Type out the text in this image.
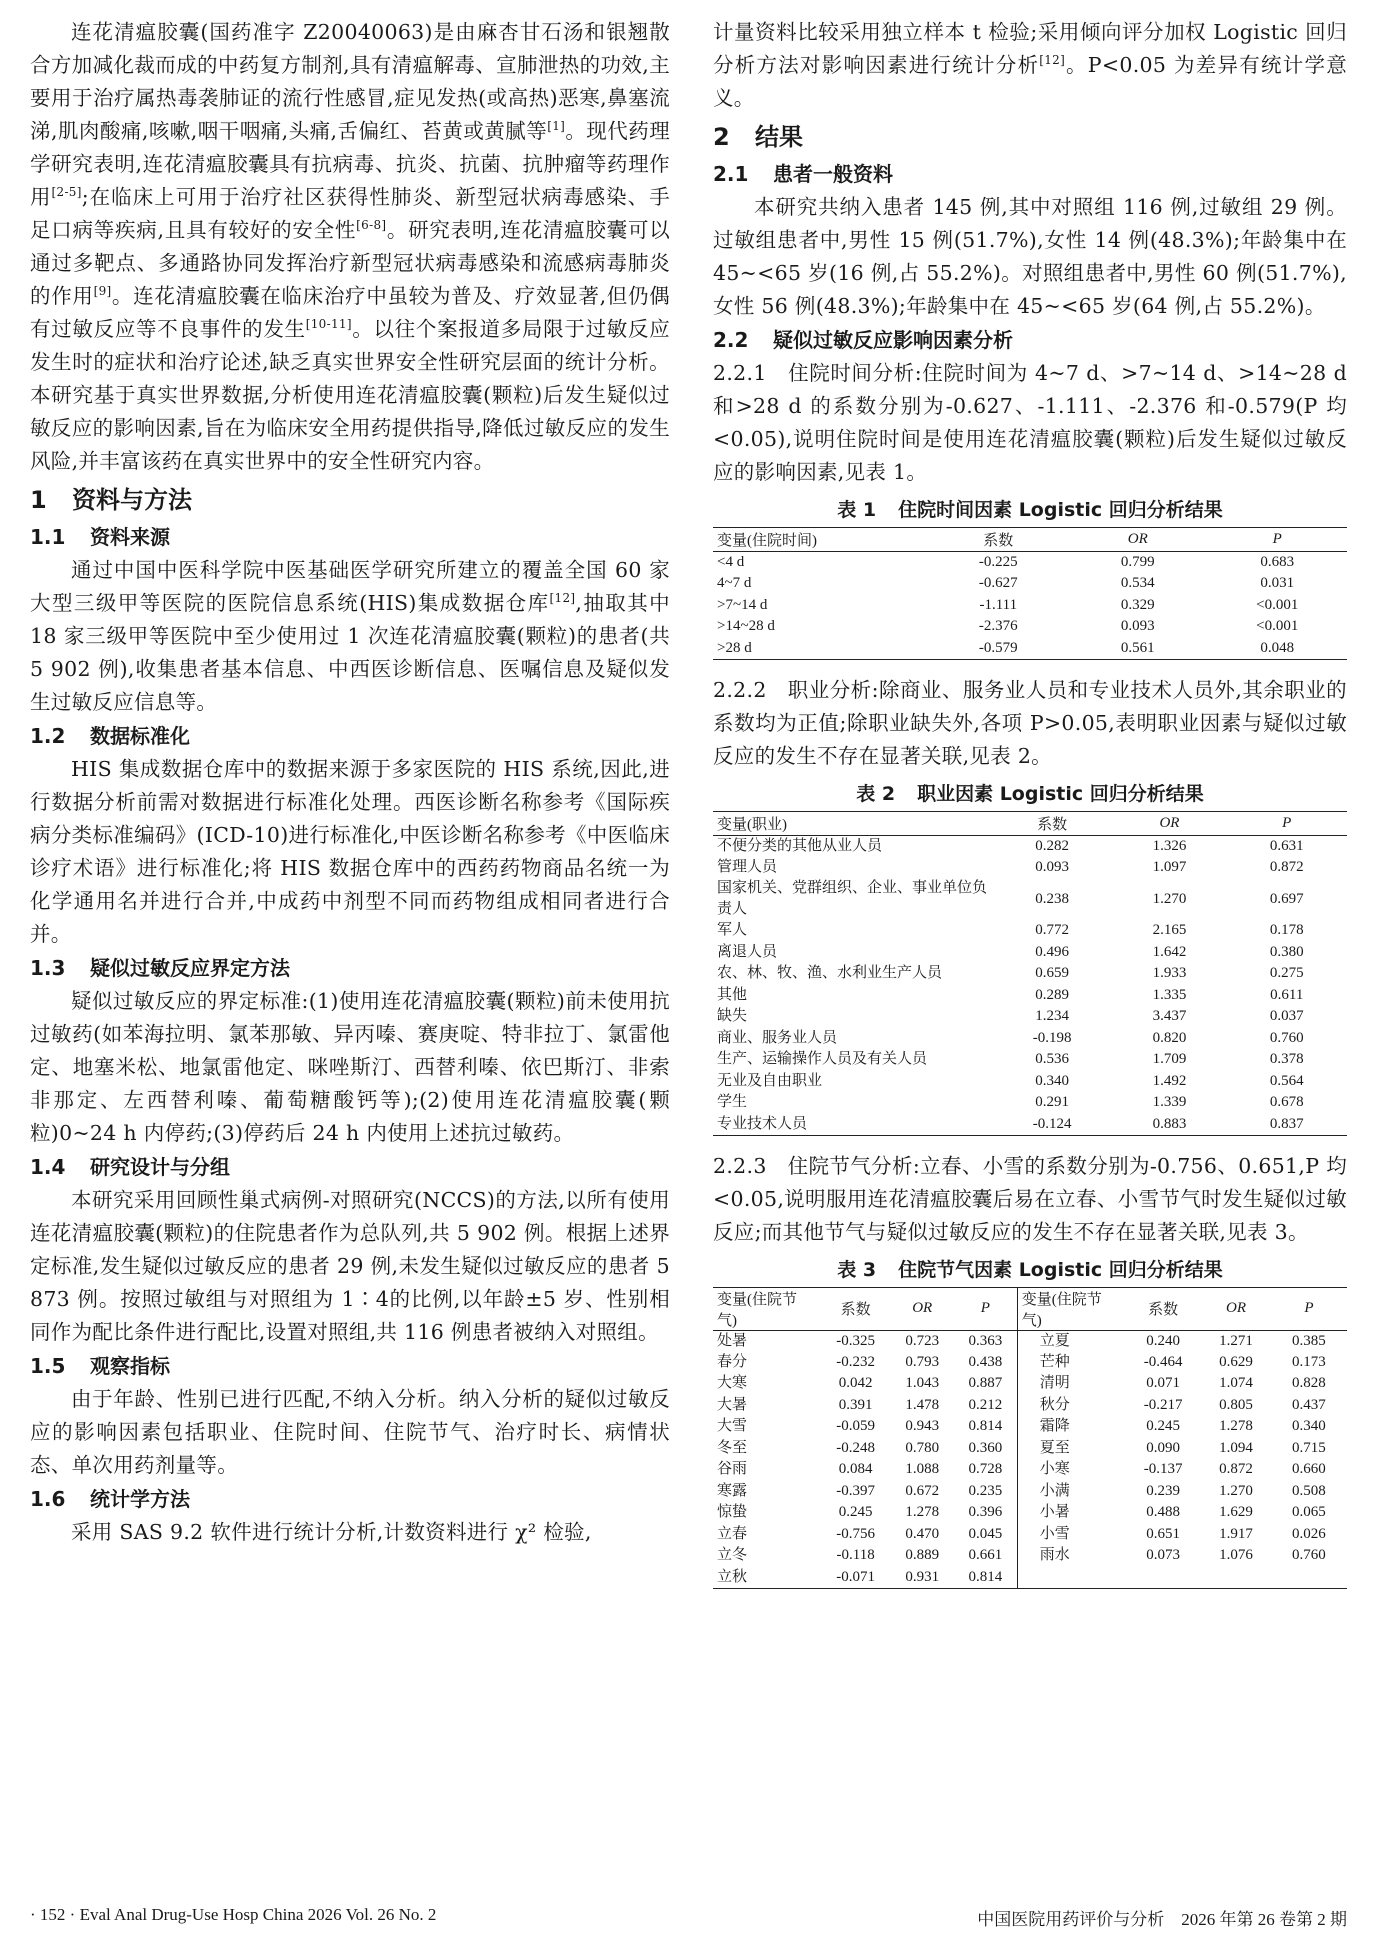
连花清瘟胶囊(国药准字 Z20040063)是由麻杏甘石汤和银翘散合方加减化裁而成的中药复方制剂,具有清瘟解毒、宣肺泄热的功效,主要用于治疗属热毒袭肺证的流行性感冒,症见发热(或高热)恶寒,鼻塞流涕,肌肉酸痛,咳嗽,咽干咽痛,头痛,舌偏红、苔黄或黄腻等[1]。现代药理学研究表明,连花清瘟胶囊具有抗病毒、抗炎、抗菌、抗肿瘤等药理作用[2-5];在临床上可用于治疗社区获得性肺炎、新型冠状病毒感染、手足口病等疾病,且具有较好的安全性[6-8]。研究表明,连花清瘟胶囊可以通过多靶点、多通路协同发挥治疗新型冠状病毒感染和流感病毒肺炎的作用[9]。连花清瘟胶囊在临床治疗中虽较为普及、疗效显著,但仍偶有过敏反应等不良事件的发生[10-11]。以往个案报道多局限于过敏反应发生时的症状和治疗论述,缺乏真实世界安全性研究层面的统计分析。本研究基于真实世界数据,分析使用连花清瘟胶囊(颗粒)后发生疑似过敏反应的影响因素,旨在为临床安全用药提供指导,降低过敏反应的发生风险,并丰富该药在真实世界中的安全性研究内容。

1 资料与方法
1.1 资料来源

通过中国中医科学院中医基础医学研究所建立的覆盖全国 60 家大型三级甲等医院的医院信息系统(HIS)集成数据仓库[12],抽取其中 18 家三级甲等医院中至少使用过 1 次连花清瘟胶囊(颗粒)的患者(共 5 902 例),收集患者基本信息、中西医诊断信息、医嘱信息及疑似发生过敏反应信息等。

1.2 数据标准化

HIS 集成数据仓库中的数据来源于多家医院的 HIS 系统,因此,进行数据分析前需对数据进行标准化处理。西医诊断名称参考《国际疾病分类标准编码》(ICD-10)进行标准化,中医诊断名称参考《中医临床诊疗术语》进行标准化;将 HIS 数据仓库中的西药药物商品名统一为化学通用名并进行合并,中成药中剂型不同而药物组成相同者进行合并。

1.3 疑似过敏反应界定方法

疑似过敏反应的界定标准:(1)使用连花清瘟胶囊(颗粒)前未使用抗过敏药(如苯海拉明、氯苯那敏、异丙嗪、赛庚啶、特非拉丁、氯雷他定、地塞米松、地氯雷他定、咪唑斯汀、西替利嗪、依巴斯汀、非索非那定、左西替利嗪、葡萄糖酸钙等);(2)使用连花清瘟胶囊(颗粒)0~24 h 内停药;(3)停药后 24 h 内使用上述抗过敏药。

1.4 研究设计与分组

本研究采用回顾性巢式病例-对照研究(NCCS)的方法,以所有使用连花清瘟胶囊(颗粒)的住院患者作为总队列,共 5 902 例。根据上述界定标准,发生疑似过敏反应的患者 29 例,未发生疑似过敏反应的患者 5 873 例。按照过敏组与对照组为 1∶4的比例,以年龄±5 岁、性别相同作为配比条件进行配比,设置对照组,共 116 例患者被纳入对照组。

1.5 观察指标

由于年龄、性别已进行匹配,不纳入分析。纳入分析的疑似过敏反应的影响因素包括职业、住院时间、住院节气、治疗时长、病情状态、单次用药剂量等。

1.6 统计学方法

采用 SAS 9.2 软件进行统计分析,计数资料进行 χ² 检验,

计量资料比较采用独立样本 t 检验;采用倾向评分加权 Logistic 回归分析方法对影响因素进行统计分析[12]。P<0.05 为差异有统计学意义。

2 结果
2.1 患者一般资料

本研究共纳入患者 145 例,其中对照组 116 例,过敏组 29 例。过敏组患者中,男性 15 例(51.7%),女性 14 例(48.3%);年龄集中在 45~<65 岁(16 例,占 55.2%)。对照组患者中,男性 60 例(51.7%),女性 56 例(48.3%);年龄集中在 45~<65 岁(64 例,占 55.2%)。

2.2 疑似过敏反应影响因素分析

2.2.1　住院时间分析:住院时间为 4~7 d、>7~14 d、>14~28 d 和>28 d 的系数分别为-0.627、-1.111、-2.376 和-0.579(P 均<0.05),说明住院时间是使用连花清瘟胶囊(颗粒)后发生疑似过敏反应的影响因素,见表 1。

表 1 住院时间因素 Logistic 回归分析结果
变量(住院时间)	系数	OR	P
<4 d	-0.225	0.799	0.683
4~7 d	-0.627	0.534	0.031
>7~14 d	-1.111	0.329	<0.001
>14~28 d	-2.376	0.093	<0.001
>28 d	-0.579	0.561	0.048

2.2.2　职业分析:除商业、服务业人员和专业技术人员外,其余职业的系数均为正值;除职业缺失外,各项 P>0.05,表明职业因素与疑似过敏反应的发生不存在显著关联,见表 2。

表 2 职业因素 Logistic 回归分析结果
变量(职业)	系数	OR	P
不便分类的其他从业人员	0.282	1.326	0.631
管理人员	0.093	1.097	0.872
国家机关、党群组织、企业、事业单位负责人	0.238	1.270	0.697
军人	0.772	2.165	0.178
离退人员	0.496	1.642	0.380
农、林、牧、渔、水利业生产人员	0.659	1.933	0.275
其他	0.289	1.335	0.611
缺失	1.234	3.437	0.037
商业、服务业人员	-0.198	0.820	0.760
生产、运输操作人员及有关人员	0.536	1.709	0.378
无业及自由职业	0.340	1.492	0.564
学生	0.291	1.339	0.678
专业技术人员	-0.124	0.883	0.837

2.2.3　住院节气分析:立春、小雪的系数分别为-0.756、0.651,P 均<0.05,说明服用连花清瘟胶囊后易在立春、小雪节气时发生疑似过敏反应;而其他节气与疑似过敏反应的发生不存在显著关联,见表 3。

表 3 住院节气因素 Logistic 回归分析结果
变量(住院节气)	系数	OR	P	变量(住院节气)	系数	OR	P
处暑	-0.325	0.723	0.363	立夏	0.240	1.271	0.385
春分	-0.232	0.793	0.438	芒种	-0.464	0.629	0.173
大寒	0.042	1.043	0.887	清明	0.071	1.074	0.828
大暑	0.391	1.478	0.212	秋分	-0.217	0.805	0.437
大雪	-0.059	0.943	0.814	霜降	0.245	1.278	0.340
冬至	-0.248	0.780	0.360	夏至	0.090	1.094	0.715
谷雨	0.084	1.088	0.728	小寒	-0.137	0.872	0.660
寒露	-0.397	0.672	0.235	小满	0.239	1.270	0.508
惊蛰	0.245	1.278	0.396	小暑	0.488	1.629	0.065
立春	-0.756	0.470	0.045	小雪	0.651	1.917	0.026
立冬	-0.118	0.889	0.661	雨水	0.073	1.076	0.760
立秋	-0.071	0.931	0.814				
· 152 · Eval Anal Drug-Use Hosp China 2026 Vol. 26 No. 2	中国医院用药评价与分析　2026 年第 26 卷第 2 期
